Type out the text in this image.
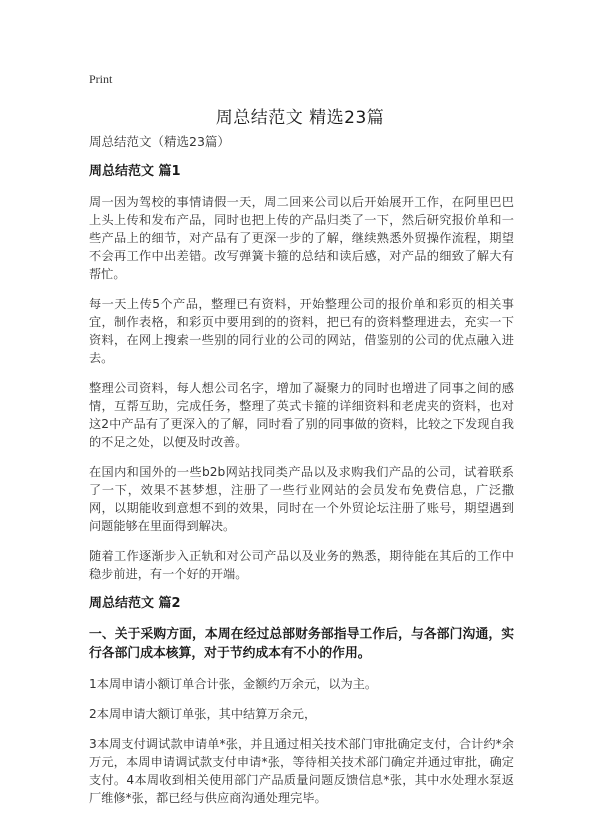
Print
周总结范文 精选23篇

周总结范文（精选23篇）

周总结范文 篇1

周一因为驾校的事情请假一天，周二回来公司以后开始展开工作，在阿里巴巴上头上传和发布产品，同时也把上传的产品归类了一下，然后研究报价单和一些产品上的细节，对产品有了更深一步的了解，继续熟悉外贸操作流程，期望不会再工作中出差错。改写弹簧卡箍的总结和读后感，对产品的细致了解大有帮忙。

每一天上传5个产品，整理已有资料，开始整理公司的报价单和彩页的相关事宜，制作表格，和彩页中要用到的的资料，把已有的资料整理进去，充实一下资料，在网上搜索一些别的同行业的公司的网站，借鉴别的公司的优点融入进去。

整理公司资料，每人想公司名字，增加了凝聚力的同时也增进了同事之间的感情，互帮互助，完成任务，整理了英式卡箍的详细资料和老虎夹的资料，也对这2中产品有了更深入的了解，同时看了别的同事做的资料，比较之下发现自我的不足之处，以便及时改善。

在国内和国外的一些b2b网站找同类产品以及求购我们产品的公司，试着联系了一下，效果不甚梦想，注册了一些行业网站的会员发布免费信息，广泛撒网，以期能收到意想不到的效果，同时在一个外贸论坛注册了账号，期望遇到问题能够在里面得到解决。

随着工作逐渐步入正轨和对公司产品以及业务的熟悉，期待能在其后的工作中稳步前进，有一个好的开端。

周总结范文 篇2

一、关于采购方面，本周在经过总部财务部指导工作后，与各部门沟通，实行各部门成本核算，对于节约成本有不小的作用。

1本周申请小额订单合计张，金额约万余元，以为主。

2本周申请大额订单张，其中结算万余元，

3本周支付调试款申请单*张，并且通过相关技术部门审批确定支付，合计约*余万元，本周申请调试款支付申请*张，等待相关技术部门确定并通过审批，确定支付。4本周收到相关使用部门产品质量问题反馈信息*张，其中水处理水泵返厂维修*张，都已经与供应商沟通处理完毕。
